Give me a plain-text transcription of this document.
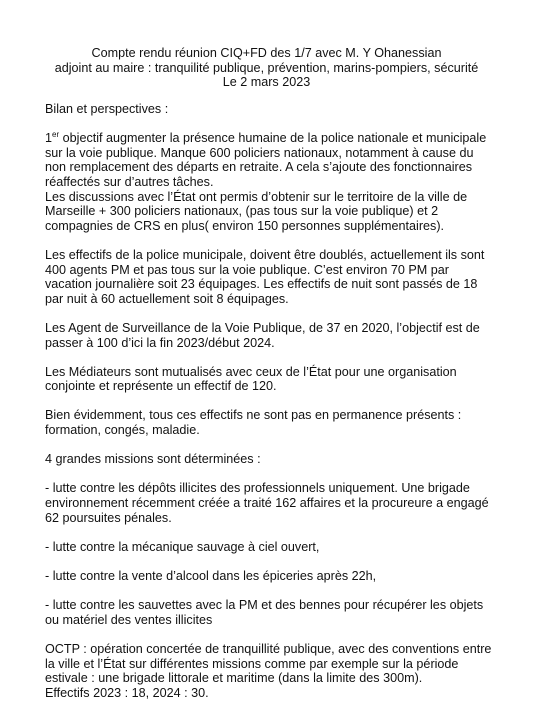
Compte rendu réunion CIQ+FD des 1/7 avec M. Y Ohanessian
adjoint au maire : tranquilité publique, prévention, marins-pompiers, sécurité
Le 2 mars 2023

Bilan et perspectives :

1er objectif augmenter la présence humaine de la police nationale et municipale sur la voie publique. Manque 600 policiers nationaux, notamment à cause du non remplacement des départs en retraite. A cela s’ajoute des fonctionnaires réaffectés sur d’autres tâches.
Les discussions avec l’État ont permis d’obtenir sur le territoire de la ville de Marseille + 300 policiers nationaux, (pas tous sur la voie publique) et 2 compagnies de CRS en plus( environ 150 personnes supplémentaires).

Les effectifs de la police municipale, doivent être doublés, actuellement ils sont 400 agents PM et pas tous sur la voie publique. C’est environ 70 PM par vacation journalière soit 23 équipages. Les effectifs de nuit sont passés de 18 par nuit à 60 actuellement soit 8 équipages.

Les Agent de Surveillance de la Voie Publique, de 37 en 2020, l’objectif est de passer à 100 d’ici la fin 2023/début 2024.

Les Médiateurs sont mutualisés avec ceux de l’État pour une organisation conjointe et représente un effectif de 120.

Bien évidemment, tous ces effectifs ne sont pas en permanence présents : formation, congés, maladie.

4 grandes missions sont déterminées :

- lutte contre les dépôts illicites des professionnels uniquement. Une brigade environnement récemment créée a traité 162 affaires et la procureure a engagé 62 poursuites pénales.

- lutte contre la mécanique sauvage à ciel ouvert,

- lutte contre la vente d’alcool dans les épiceries après 22h,

- lutte contre les sauvettes avec la PM et des bennes pour récupérer les objets ou matériel des ventes illicites

OCTP : opération concertée de tranquillité publique, avec des conventions entre la ville et l’État sur différentes missions comme par exemple sur la période estivale : une brigade littorale et maritime (dans la limite des 300m).
Effectifs 2023 : 18, 2024 : 30.
